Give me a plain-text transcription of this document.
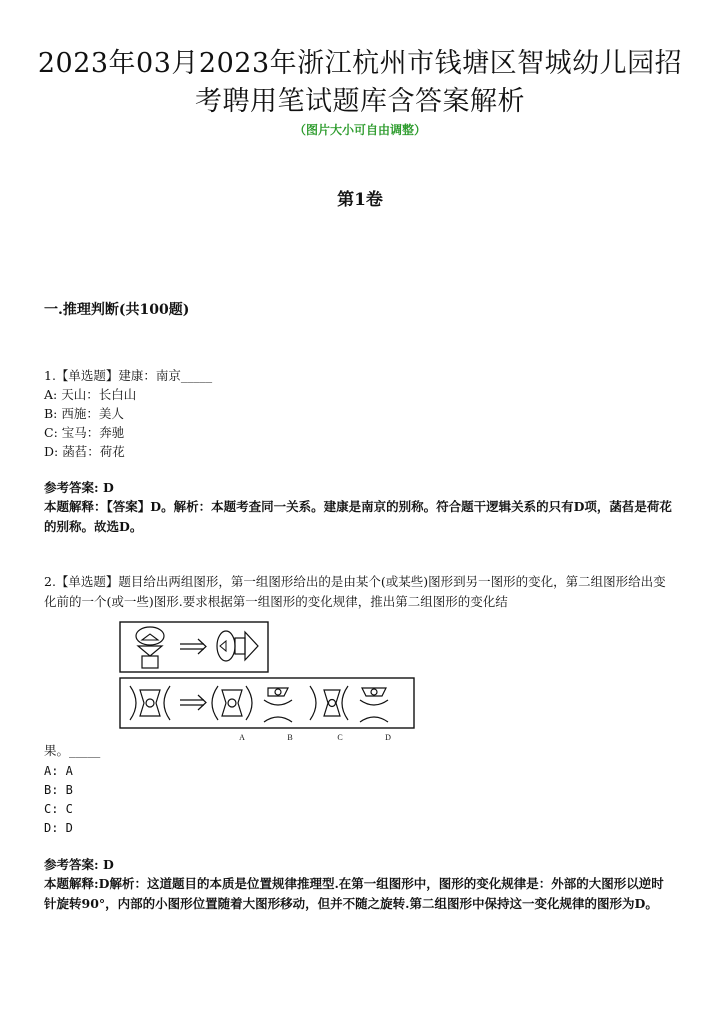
2023年03月2023年浙江杭州市钱塘区智城幼儿园招
考聘用笔试题库含答案解析
（图片大小可自由调整）
第1卷
一.推理判断(共100题)
1.【单选题】建康：南京_____
A: 天山：长白山
B: 西施：美人
C: 宝马：奔驰
D: 菡萏：荷花
参考答案: D
本题解释：【答案】D。解析：本题考查同一关系。建康是南京的别称。符合题干逻辑关系的只有D项，菡萏是荷花的别称。故选D。
2.【单选题】题目给出两组图形，第一组图形给出的是由某个(或某些)图形到另一图形的变化，第二组图形给出变化前的一个(或一些)图形.要求根据第一组图形的变化规律，推出第二组图形的变化结
A	B	C	D
果。_____
A: A
B: B
C: C
D: D
参考答案: D
本题解释:D解析：这道题目的本质是位置规律推理型.在第一组图形中，图形的变化规律是：外部的大图形以逆时针旋转90°，内部的小图形位置随着大图形移动，但并不随之旋转.第二组图形中保持这一变化规律的图形为D。
